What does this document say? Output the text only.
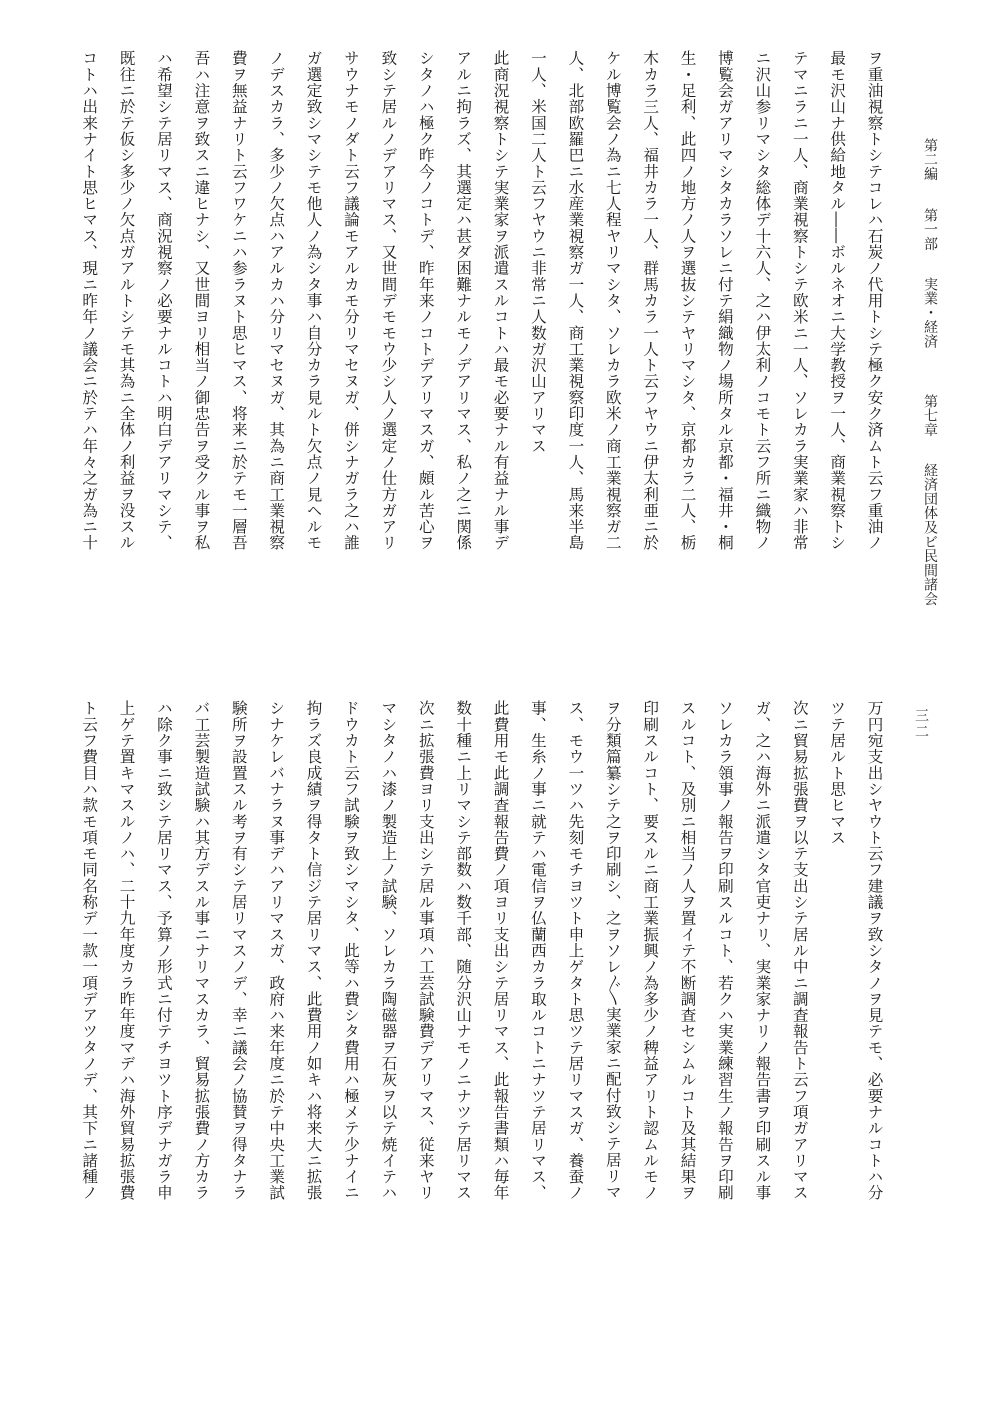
第二編 第一部 実業・経済 第七章 経済団体及ビ民間諸会
三二
ヲ重油視察トシテコレハ石炭ノ代用トシテ極ク安ク済ムト云フ重油ノ
最モ沢山ナ供給地タル――ボルネオニ大学教授ヲ一人、商業視察トシ
テマニラニ一人、商業視察トシテ欧米ニ一人、ソレカラ実業家ハ非常
ニ沢山参リマシタ総体デ十六人、之ハ伊太利ノコモト云フ所ニ織物ノ
博覧会ガアリマシタカラソレニ付テ絹織物ノ場所タル京都・福井・桐
生・足利、此四ノ地方ノ人ヲ選抜シテヤリマシタ、京都カラ二人、栃
木カラ三人、福井カラ一人、群馬カラ一人ト云フヤウニ伊太利亜ニ於
ケル博覧会ノ為ニ七人程ヤリマシタ、ソレカラ欧米ノ商工業視察ガ二
人、北部欧羅巴ニ水産業視察ガ一人、商工業視察印度一人、馬来半島
一人、米国二人ト云フヤウニ非常ニ人数ガ沢山アリマス
此商況視察トシテ実業家ヲ派遣スルコトハ最モ必要ナル有益ナル事デ
アルニ拘ラズ、其選定ハ甚ダ困難ナルモノデアリマス、私ノ之ニ関係
シタノハ極ク昨今ノコトデ、昨年来ノコトデアリマスガ、頗ル苦心ヲ
致シテ居ルノデアリマス、又世間デモモウ少シ人ノ選定ノ仕方ガアリ
サウナモノダト云フ議論モアルカモ分リマセヌガ、併シナガラ之ハ誰
ガ選定致シマシテモ他人ノ為シタ事ハ自分カラ見ルト欠点ノ見ヘルモ
ノデスカラ、多少ノ欠点ハアルカハ分リマセヌガ、其為ニ商工業視察
費ヲ無益ナリト云フワケニハ参ラヌト思ヒマス、将来ニ於テモ一層吾
吾ハ注意ヲ致スニ違ヒナシ、又世間ヨリ相当ノ御忠告ヲ受クル事ヲ私
ハ希望シテ居リマス、商況視察ノ必要ナルコトハ明白デアリマシテ、
既往ニ於テ仮シ多少ノ欠点ガアルトシテモ其為ニ全体ノ利益ヲ没スル
コトハ出来ナイト思ヒマス、現ニ昨年ノ議会ニ於テハ年々之ガ為ニ十
万円宛支出シヤウト云フ建議ヲ致シタノヲ見テモ、必要ナルコトハ分
ツテ居ルト思ヒマス
次ニ貿易拡張費ヲ以テ支出シテ居ル中ニ調査報告ト云フ項ガアリマス
ガ、之ハ海外ニ派遣シタ官吏ナリ、実業家ナリノ報告書ヲ印刷スル事
ソレカラ領事ノ報告ヲ印刷スルコト、若クハ実業練習生ノ報告ヲ印刷
スルコト、及別ニ相当ノ人ヲ置イテ不断調査セシムルコト及其結果ヲ
印刷スルコト、要スルニ商工業振興ノ為多少ノ稗益アリト認ムルモノ
ヲ分類篇纂シテ之ヲ印刷シ、之ヲソレ〴〵実業家ニ配付致シテ居リマ
ス、モウ一ツハ先刻モチヨツト申上ゲタト思ツテ居リマスガ、養蚕ノ
事、生糸ノ事ニ就テハ電信ヲ仏蘭西カラ取ルコトニナツテ居リマス、
此費用モ此調査報告費ノ項ヨリ支出シテ居リマス、此報告書類ハ毎年
数十種ニ上リマシテ部数ハ数千部、随分沢山ナモノニナツテ居リマス
次ニ拡張費ヨリ支出シテ居ル事項ハ工芸試験費デアリマス、従来ヤリ
マシタノハ漆ノ製造上ノ試験、ソレカラ陶磁器ヲ石灰ヲ以テ焼イテハ
ドウカト云フ試験ヲ致シマシタ、此等ハ費シタ費用ハ極メテ少ナイニ
拘ラズ良成績ヲ得タト信ジテ居リマス、此費用ノ如キハ将来大ニ拡張
シナケレバナラヌ事デハアリマスガ、政府ハ来年度ニ於テ中央工業試
験所ヲ設置スル考ヲ有シテ居リマスノデ、幸ニ議会ノ協賛ヲ得タナラ
バ工芸製造試験ハ其方デスル事ニナリマスカラ、貿易拡張費ノ方カラ
ハ除ク事ニ致シテ居リマス、予算ノ形式ニ付テチヨツト序デナガラ申
上ゲテ置キマスルノハ、二十九年度カラ昨年度マデハ海外貿易拡張費
ト云フ費目ハ款モ項モ同名称デ一款一項デアツタノデ、其下ニ諸種ノ
